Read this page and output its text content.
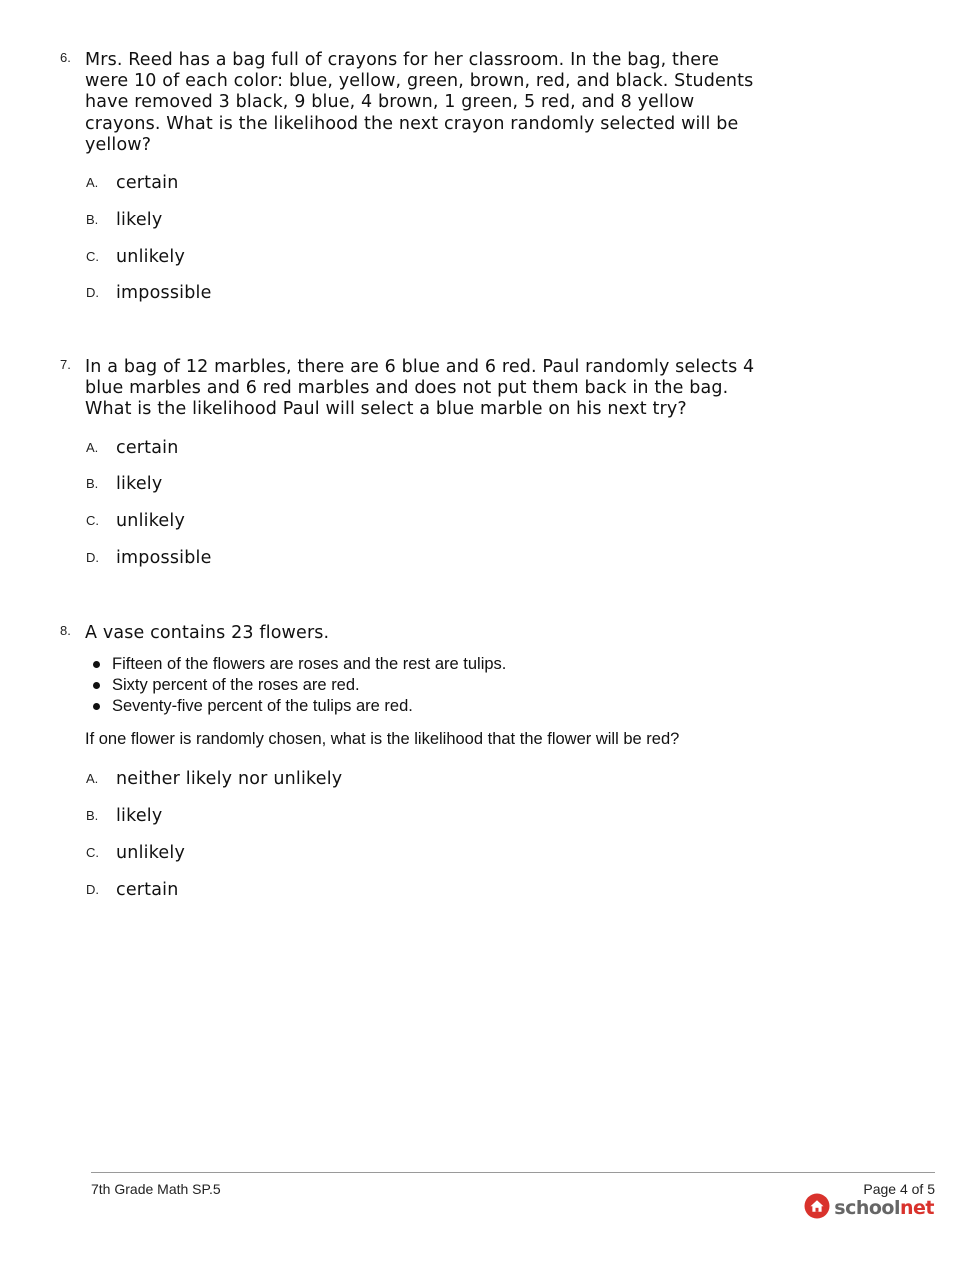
6. Mrs. Reed has a bag full of crayons for her classroom. In the bag, there were 10 of each color: blue, yellow, green, brown, red, and black. Students have removed 3 black, 9 blue, 4 brown, 1 green, 5 red, and 8 yellow crayons. What is the likelihood the next crayon randomly selected will be yellow?
A.	certain
B.	likely
C. unlikely
D. impossible
7. In a bag of 12 marbles, there are 6 blue and 6 red. Paul randomly selects 4 blue marbles and 6 red marbles and does not put them back in the bag. What is the likelihood Paul will select a blue marble on his next try?
A.	certain
B.	likely
C. unlikely
D. impossible
8. A vase contains 23 flowers.
Fifteen of the flowers are roses and the rest are tulips.
Sixty percent of the roses are red.
Seventy-five percent of the tulips are red.
If one flower is randomly chosen, what is the likelihood that the flower will be red?
A.	neither likely nor unlikely
B.	likely
C. unlikely
D. certain
7th Grade Math SP.5	Page 4 of 5
schoolnet
